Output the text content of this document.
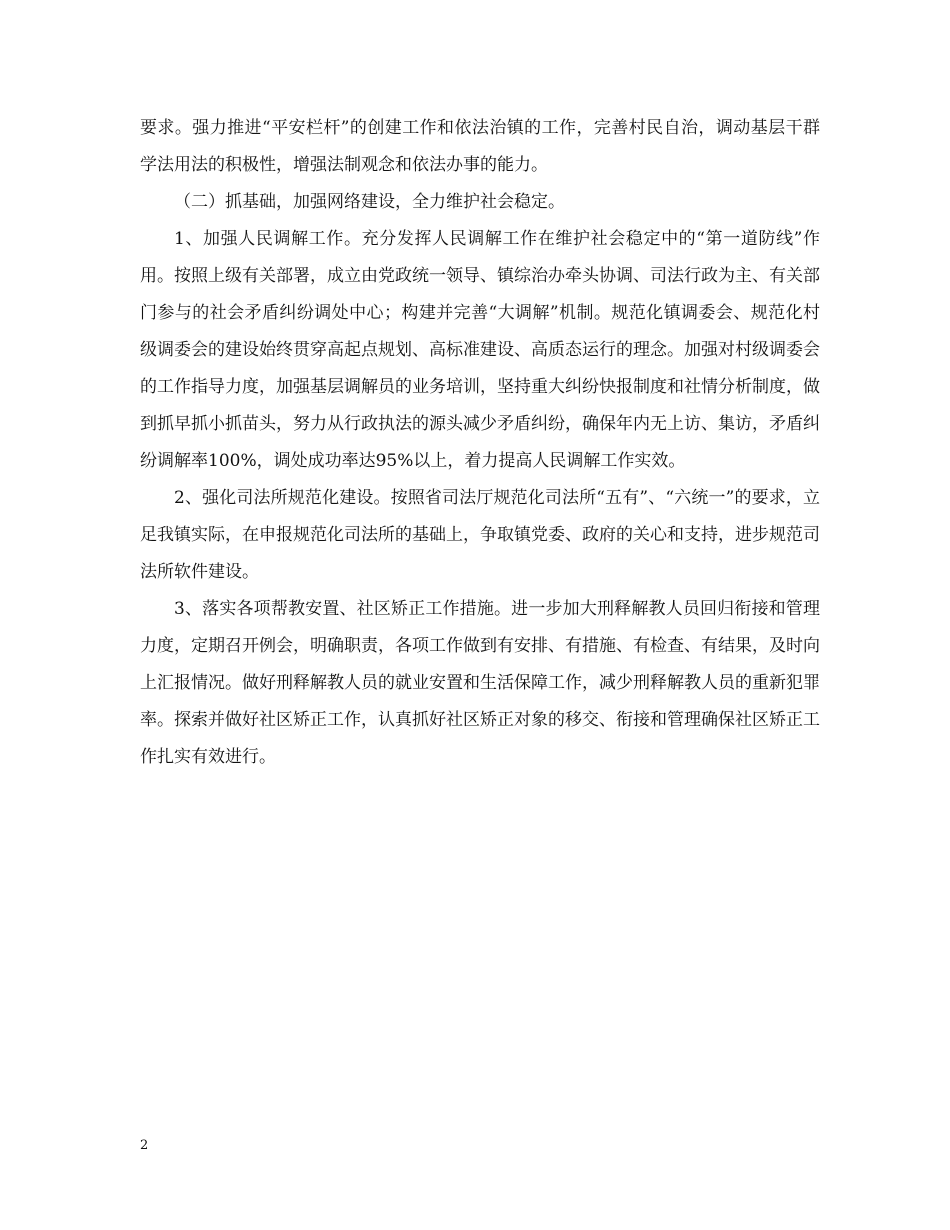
要求。强力推进“平安栏杆”的创建工作和依法治镇的工作，完善村民自治，调动基层干群学法用法的积极性，增强法制观念和依法办事的能力。

（二）抓基础，加强网络建设，全力维护社会稳定。

1、加强人民调解工作。充分发挥人民调解工作在维护社会稳定中的“第一道防线”作用。按照上级有关部署，成立由党政统一领导、镇综治办牵头协调、司法行政为主、有关部门参与的社会矛盾纠纷调处中心；构建并完善“大调解”机制。规范化镇调委会、规范化村级调委会的建设始终贯穿高起点规划、高标准建设、高质态运行的理念。加强对村级调委会的工作指导力度，加强基层调解员的业务培训，坚持重大纠纷快报制度和社情分析制度，做到抓早抓小抓苗头，努力从行政执法的源头减少矛盾纠纷，确保年内无上访、集访，矛盾纠纷调解率100%，调处成功率达95%以上，着力提高人民调解工作实效。

2、强化司法所规范化建设。按照省司法厅规范化司法所“五有”、“六统一”的要求，立足我镇实际，在申报规范化司法所的基础上，争取镇党委、政府的关心和支持，进步规范司法所软件建设。

3、落实各项帮教安置、社区矫正工作措施。进一步加大刑释解教人员回归衔接和管理力度，定期召开例会，明确职责，各项工作做到有安排、有措施、有检查、有结果，及时向上汇报情况。做好刑释解教人员的就业安置和生活保障工作，减少刑释解教人员的重新犯罪率。探索并做好社区矫正工作，认真抓好社区矫正对象的移交、衔接和管理确保社区矫正工作扎实有效进行。

2
